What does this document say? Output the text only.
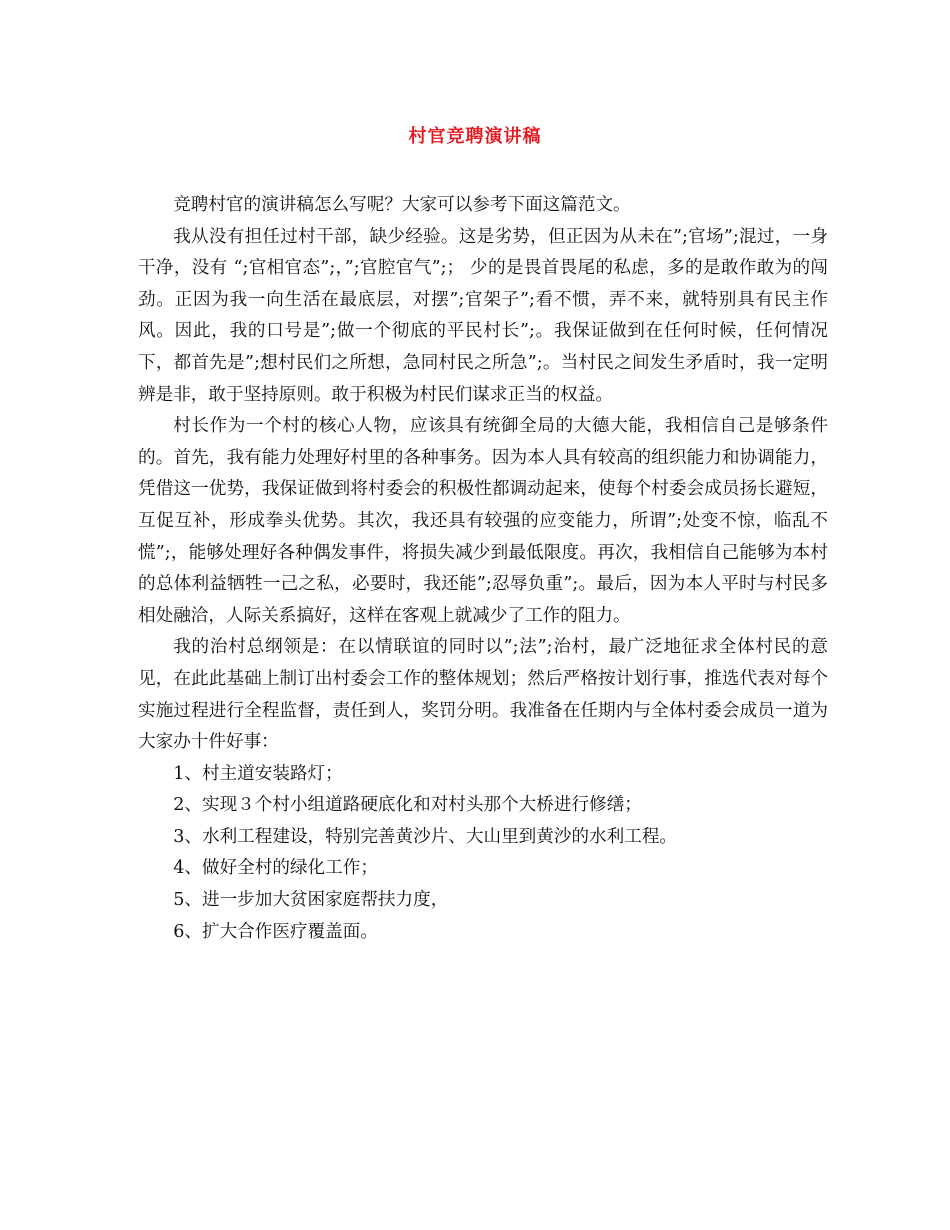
村官竞聘演讲稿

竞聘村官的演讲稿怎么写呢？大家可以参考下面这篇范文。

我从没有担任过村干部，缺少经验。这是劣势，但正因为从未在”;官场”;混过，一身干净，没有 “;官相官态”;，”;官腔官气”;； 少的是畏首畏尾的私虑，多的是敢作敢为的闯劲。正因为我一向生活在最底层，对摆”;官架子”;看不惯，弄不来，就特别具有民主作风。因此，我的口号是”;做一个彻底的平民村长”;。我保证做到在任何时候，任何情况下，都首先是”;想村民们之所想，急同村民之所急”;。当村民之间发生矛盾时，我一定明辨是非，敢于坚持原则。敢于积极为村民们谋求正当的权益。

村长作为一个村的核心人物，应该具有统御全局的大德大能，我相信自己是够条件的。首先，我有能力处理好村里的各种事务。因为本人具有较高的组织能力和协调能力，凭借这一优势，我保证做到将村委会的积极性都调动起来，使每个村委会成员扬长避短，互促互补，形成拳头优势。其次，我还具有较强的应变能力，所谓”;处变不惊，临乱不慌”;，能够处理好各种偶发事件，将损失减少到最低限度。再次，我相信自己能够为本村的总体利益牺牲一己之私，必要时，我还能”;忍辱负重”;。最后，因为本人平时与村民多相处融洽，人际关系搞好，这样在客观上就减少了工作的阻力。

我的治村总纲领是：在以情联谊的同时以”;法”;治村，最广泛地征求全体村民的意见，在此此基础上制订出村委会工作的整体规划；然后严格按计划行事，推选代表对每个实施过程进行全程监督，责任到人，奖罚分明。我准备在任期内与全体村委会成员一道为大家办十件好事：

1、村主道安装路灯；

2、实现３个村小组道路硬底化和对村头那个大桥进行修缮；

3、水利工程建设，特别完善黄沙片、大山里到黄沙的水利工程。

4、做好全村的绿化工作；

5、进一步加大贫困家庭帮扶力度，

6、扩大合作医疗覆盖面。
